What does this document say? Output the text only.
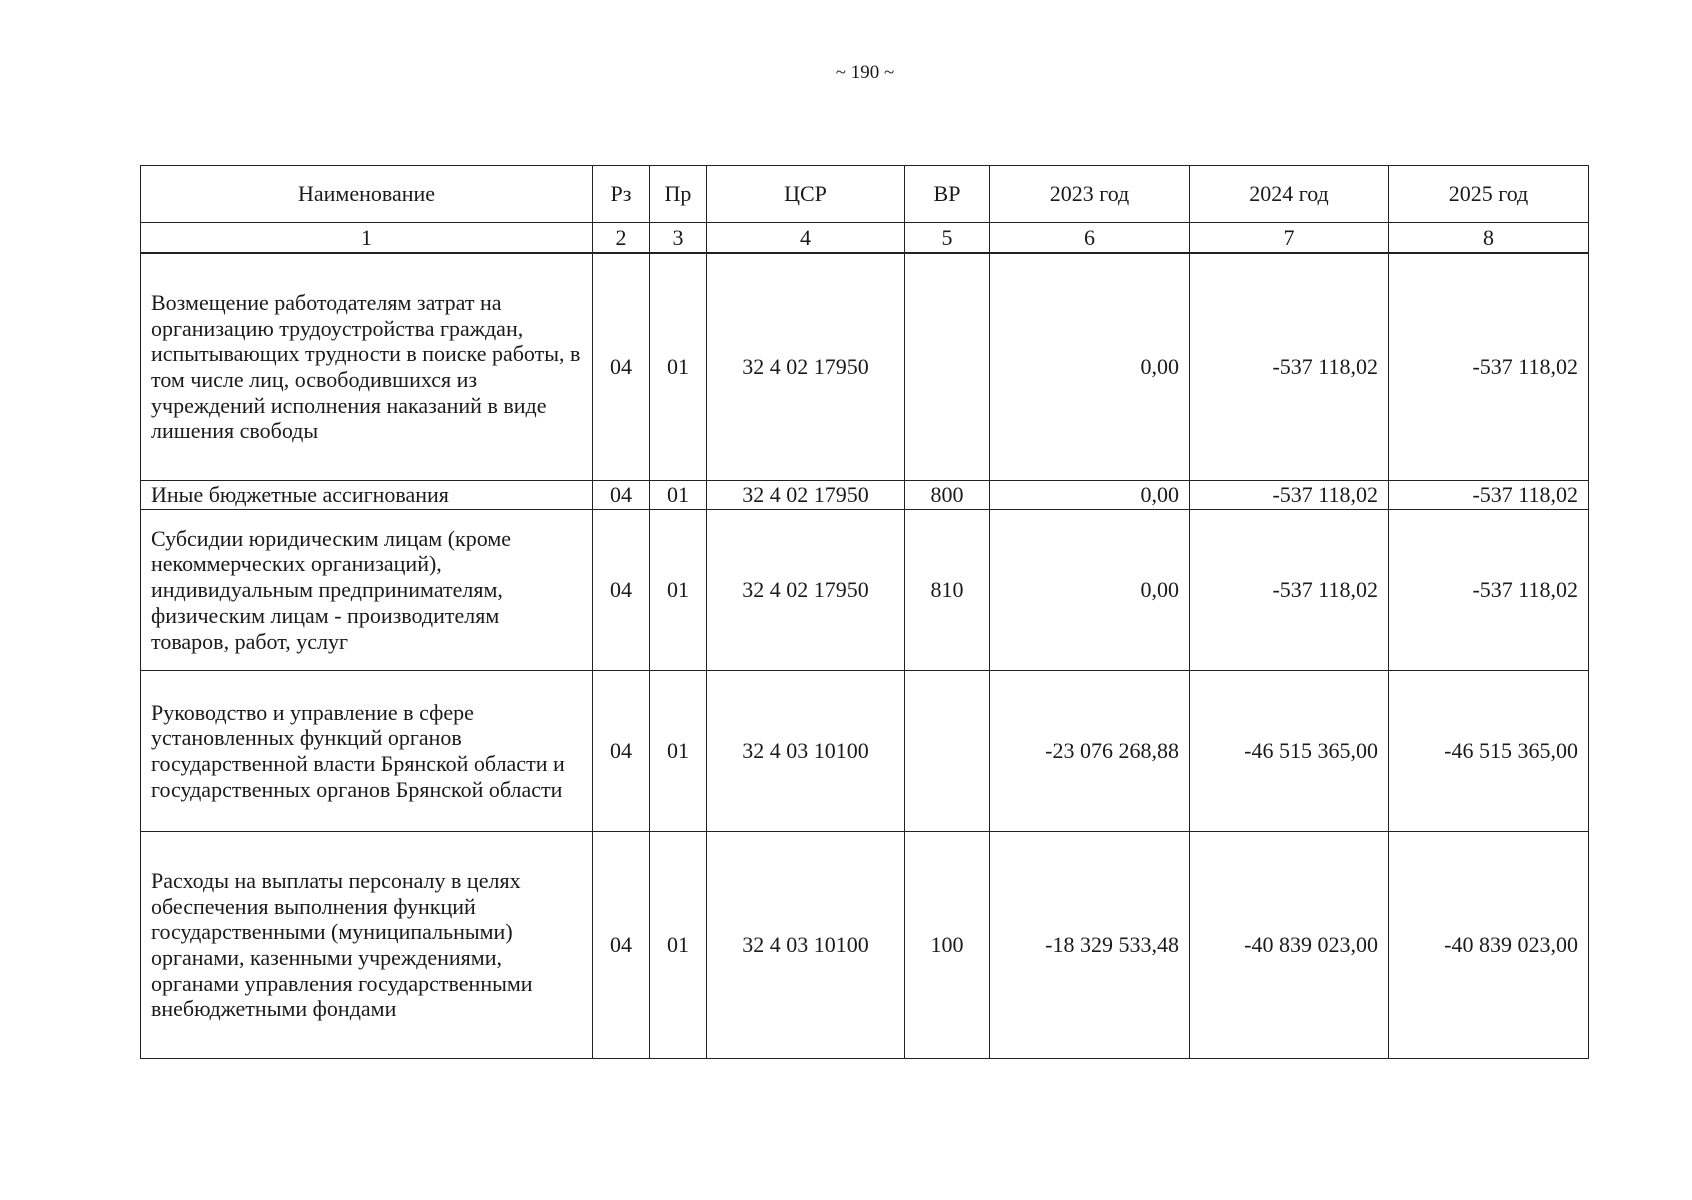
~ 190 ~
Наименование	Рз	Пр	ЦСР	ВР	2023 год	2024 год	2025 год
1	2	3	4	5	6	7	8
Возмещение работодателям затрат на организацию трудоустройства граждан, испытывающих трудности в поиске работы, в том числе лиц, освободившихся из учреждений исполнения наказаний в виде лишения свободы	04	01	32 4 02 17950		0,00	-537 118,02	-537 118,02
Иные бюджетные ассигнования	04	01	32 4 02 17950	800	0,00	-537 118,02	-537 118,02
Субсидии юридическим лицам (кроме некоммерческих организаций), индивидуальным предпринимателям, физическим лицам - производителям товаров, работ, услуг	04	01	32 4 02 17950	810	0,00	-537 118,02	-537 118,02
Руководство и управление в сфере установленных функций органов государственной власти Брянской области и государственных органов Брянской области	04	01	32 4 03 10100		-23 076 268,88	-46 515 365,00	-46 515 365,00
Расходы на выплаты персоналу в целях обеспечения выполнения функций государственными (муниципальными) органами, казенными учреждениями, органами управления государственными внебюджетными фондами	04	01	32 4 03 10100	100	-18 329 533,48	-40 839 023,00	-40 839 023,00
